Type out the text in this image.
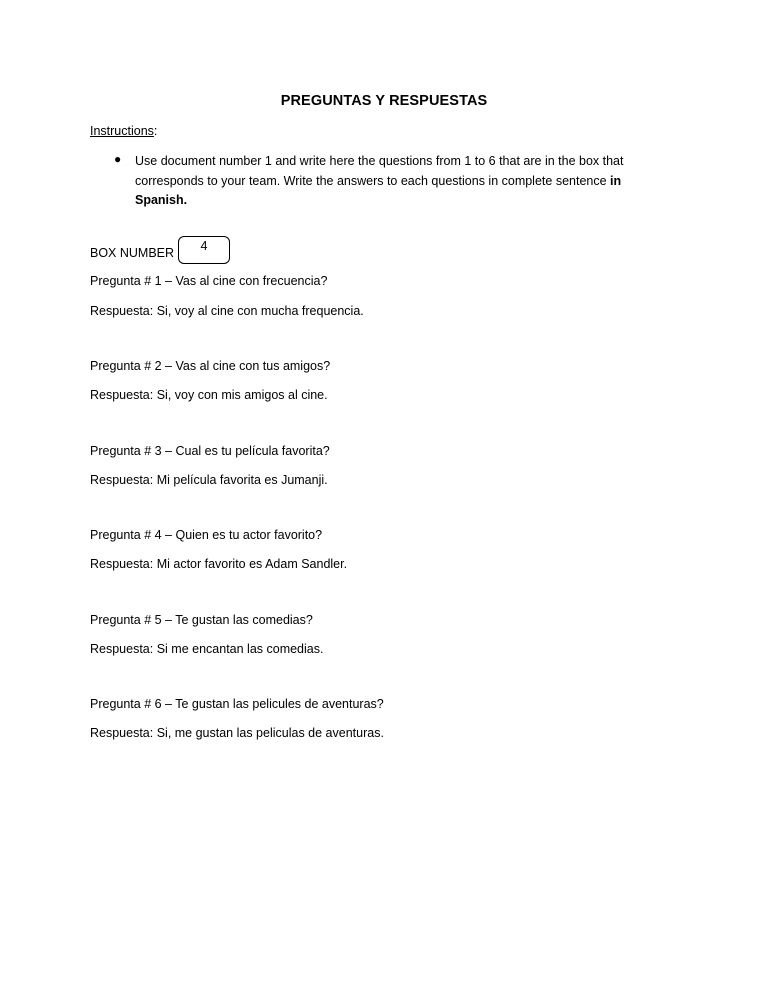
PREGUNTAS Y RESPUESTAS
Instructions:
● Use document number 1 and write here the questions from 1 to 6 that are in the box that corresponds to your team. Write the answers to each questions in complete sentence in Spanish.
BOX NUMBER	4
Pregunta # 1 – Vas al cine con frecuencia?
Respuesta: Si, voy al cine con mucha frequencia.
Pregunta # 2 – Vas al cine con tus amigos?
Respuesta: Si, voy con mis amigos al cine.
Pregunta # 3 – Cual es tu película favorita?
Respuesta: Mi película favorita es Jumanji.
Pregunta # 4 – Quien es tu actor favorito?
Respuesta: Mi actor favorito es Adam Sandler.
Pregunta # 5 – Te gustan las comedias?
Respuesta: Si me encantan las comedias.
Pregunta # 6 – Te gustan las pelicules de aventuras?
Respuesta: Si, me gustan las peliculas de aventuras.
